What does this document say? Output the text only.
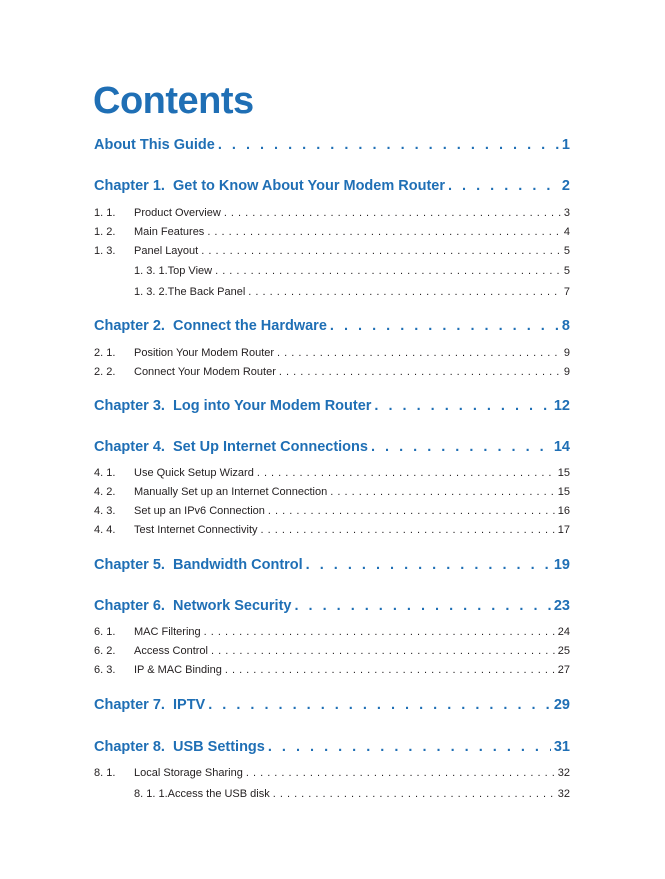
Contents
About This Guide . . .	1
Chapter 1. Get to Know About Your Modem Router . . .	2
1. 1.	Product Overview . . .	3
1. 2.	Main Features . . .	4
1. 3.	Panel Layout . . .	5
1. 3. 1.Top View . . .	5
1. 3. 2.The Back Panel . . .	7
Chapter 2. Connect the Hardware . . .	8
2. 1.	Position Your Modem Router . . .	9
2. 2.	Connect Your Modem Router . . .	9
Chapter 3. Log into Your Modem Router . . .	12
Chapter 4. Set Up Internet Connections . . .	14
4. 1.	Use Quick Setup Wizard . . .	15
4. 2.	Manually Set up an Internet Connection . . .	15
4. 3.	Set up an IPv6 Connection . . .	16
4. 4.	Test Internet Connectivity . . .	17
Chapter 5. Bandwidth Control . . .	19
Chapter 6. Network Security . . .	23
6. 1.	MAC Filtering . . .	24
6. 2.	Access Control . . .	25
6. 3.	IP & MAC Binding . . .	27
Chapter 7. IPTV . . .	29
Chapter 8. USB Settings . . .	31
8. 1.	Local Storage Sharing . . .	32
8. 1. 1.Access the USB disk . . .	32
